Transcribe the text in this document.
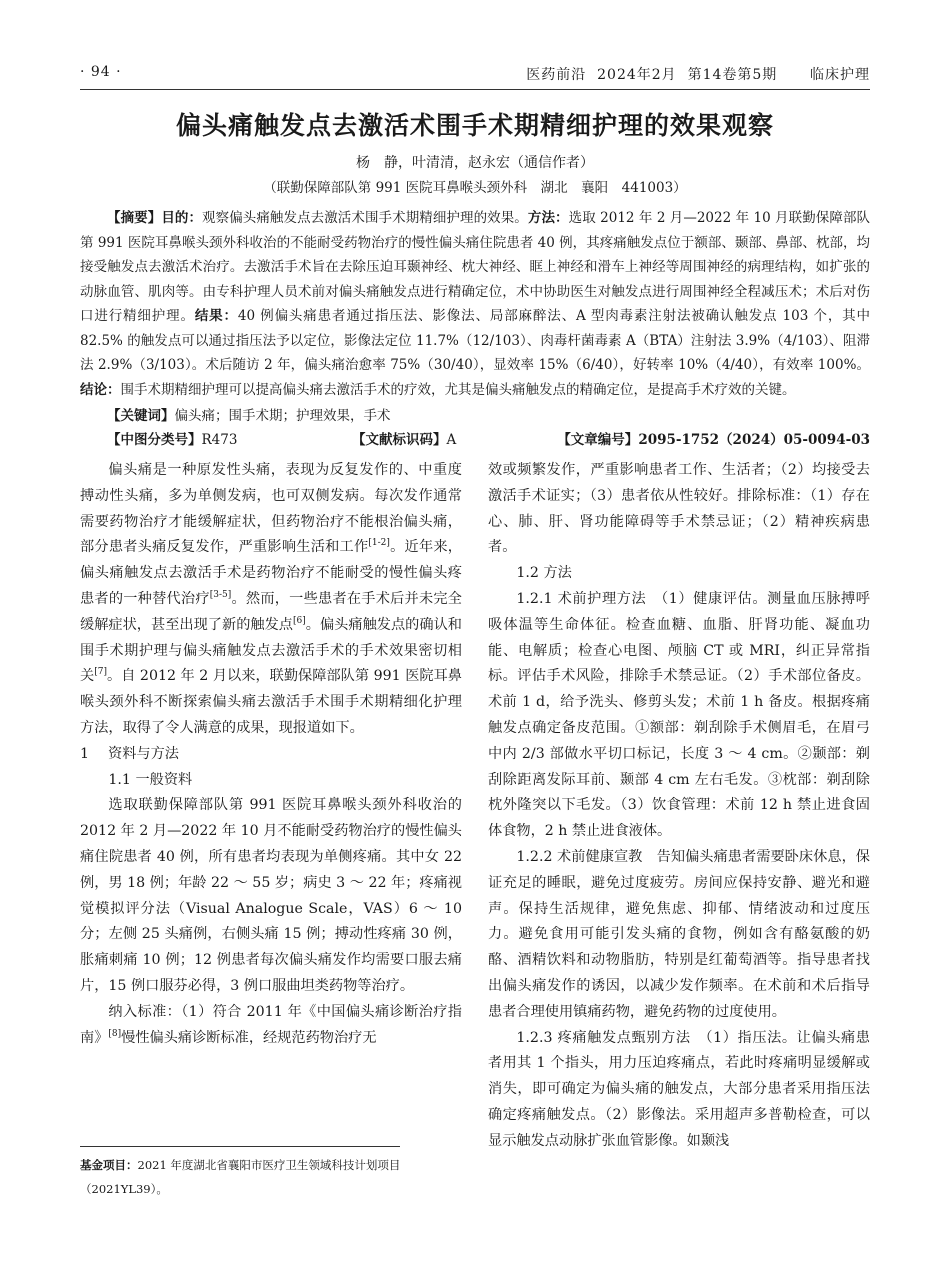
· 94 ·	医药前沿  2024年2月  第14卷第5期      临床护理
偏头痛触发点去激活术围手术期精细护理的效果观察
杨　静，叶清清，赵永宏（通信作者）
（联勤保障部队第 991 医院耳鼻喉头颈外科　湖北　襄阳　441003）

【摘要】目的：观察偏头痛触发点去激活术围手术期精细护理的效果。方法：选取 2012 年 2 月—2022 年 10 月联勤保障部队第 991 医院耳鼻喉头颈外科收治的不能耐受药物治疗的慢性偏头痛住院患者 40 例，其疼痛触发点位于额部、颞部、鼻部、枕部，均接受触发点去激活术治疗。去激活手术旨在去除压迫耳颞神经、枕大神经、眶上神经和滑车上神经等周围神经的病理结构，如扩张的动脉血管、肌肉等。由专科护理人员术前对偏头痛触发点进行精确定位，术中协助医生对触发点进行周围神经全程减压术；术后对伤口进行精细护理。结果：40 例偏头痛患者通过指压法、影像法、局部麻醉法、A 型肉毒素注射法被确认触发点 103 个，其中 82.5% 的触发点可以通过指压法予以定位，影像法定位 11.7%（12/103）、肉毒杆菌毒素 A（BTA）注射法 3.9%（4/103）、阻滞法 2.9%（3/103）。术后随访 2 年，偏头痛治愈率 75%（30/40），显效率 15%（6/40），好转率 10%（4/40），有效率 100%。结论：围手术期精细护理可以提高偏头痛去激活手术的疗效，尤其是偏头痛触发点的精确定位，是提高手术疗效的关键。

【关键词】偏头痛；围手术期；护理效果，手术
【中图分类号】R473	【文献标识码】A	【文章编号】2095-1752（2024）05-0094-03

偏头痛是一种原发性头痛，表现为反复发作的、中重度搏动性头痛，多为单侧发病，也可双侧发病。每次发作通常需要药物治疗才能缓解症状，但药物治疗不能根治偏头痛，部分患者头痛反复发作，严重影响生活和工作[1-2]。近年来，偏头痛触发点去激活手术是药物治疗不能耐受的慢性偏头疼患者的一种替代治疗[3-5]。然而，一些患者在手术后并未完全缓解症状，甚至出现了新的触发点[6]。偏头痛触发点的确认和围手术期护理与偏头痛触发点去激活手术的手术效果密切相关[7]。自 2012 年 2 月以来，联勤保障部队第 991 医院耳鼻喉头颈外科不断探索偏头痛去激活手术围手术期精细化护理方法，取得了令人满意的成果，现报道如下。

1 资料与方法

1.1 一般资料

选取联勤保障部队第 991 医院耳鼻喉头颈外科收治的 2012 年 2 月—2022 年 10 月不能耐受药物治疗的慢性偏头痛住院患者 40 例，所有患者均表现为单侧疼痛。其中女 22 例，男 18 例；年龄 22 ～ 55 岁；病史 3 ～ 22 年；疼痛视觉模拟评分法（Visual Analogue Scale，VAS）6 ～ 10 分；左侧 25 头痛例，右侧头痛 15 例；搏动性疼痛 30 例，胀痛刺痛 10 例；12 例患者每次偏头痛发作均需要口服去痛片，15 例口服芬必得，3 例口服曲坦类药物等治疗。

纳入标准：（1）符合 2011 年《中国偏头痛诊断治疗指南》[8]慢性偏头痛诊断标准，经规范药物治疗无

效或频繁发作，严重影响患者工作、生活者；（2）均接受去激活手术证实；（3）患者依从性较好。排除标准：（1）存在心、肺、肝、肾功能障碍等手术禁忌证；（2）精神疾病患者。

1.2 方法

1.2.1 术前护理方法　（1）健康评估。测量血压脉搏呼吸体温等生命体征。检查血糖、血脂、肝肾功能、凝血功能、电解质；检查心电图、颅脑 CT 或 MRI，纠正异常指标。评估手术风险，排除手术禁忌证。（2）手术部位备皮。术前 1 d，给予洗头、修剪头发；术前 1 h 备皮。根据疼痛触发点确定备皮范围。①额部：剃刮除手术侧眉毛，在眉弓中内 2/3 部做水平切口标记，长度 3 ～ 4 cm。②颞部：剃刮除距离发际耳前、颞部 4 cm 左右毛发。③枕部：剃刮除枕外隆突以下毛发。（3）饮食管理：术前 12 h 禁止进食固体食物，2 h 禁止进食液体。

1.2.2 术前健康宣教　告知偏头痛患者需要卧床休息，保证充足的睡眠，避免过度疲劳。房间应保持安静、避光和避声。保持生活规律，避免焦虑、抑郁、情绪波动和过度压力。避免食用可能引发头痛的食物，例如含有酪氨酸的奶酪、酒精饮料和动物脂肪，特别是红葡萄酒等。指导患者找出偏头痛发作的诱因，以减少发作频率。在术前和术后指导患者合理使用镇痛药物，避免药物的过度使用。

1.2.3 疼痛触发点甄别方法　（1）指压法。让偏头痛患者用其 1 个指头，用力压迫疼痛点，若此时疼痛明显缓解或消失，即可确定为偏头痛的触发点，大部分患者采用指压法确定疼痛触发点。（2）影像法。采用超声多普勒检查，可以显示触发点动脉扩张血管影像。如颞浅

基金项目：2021 年度湖北省襄阳市医疗卫生领域科技计划项目（2021YL39）。
